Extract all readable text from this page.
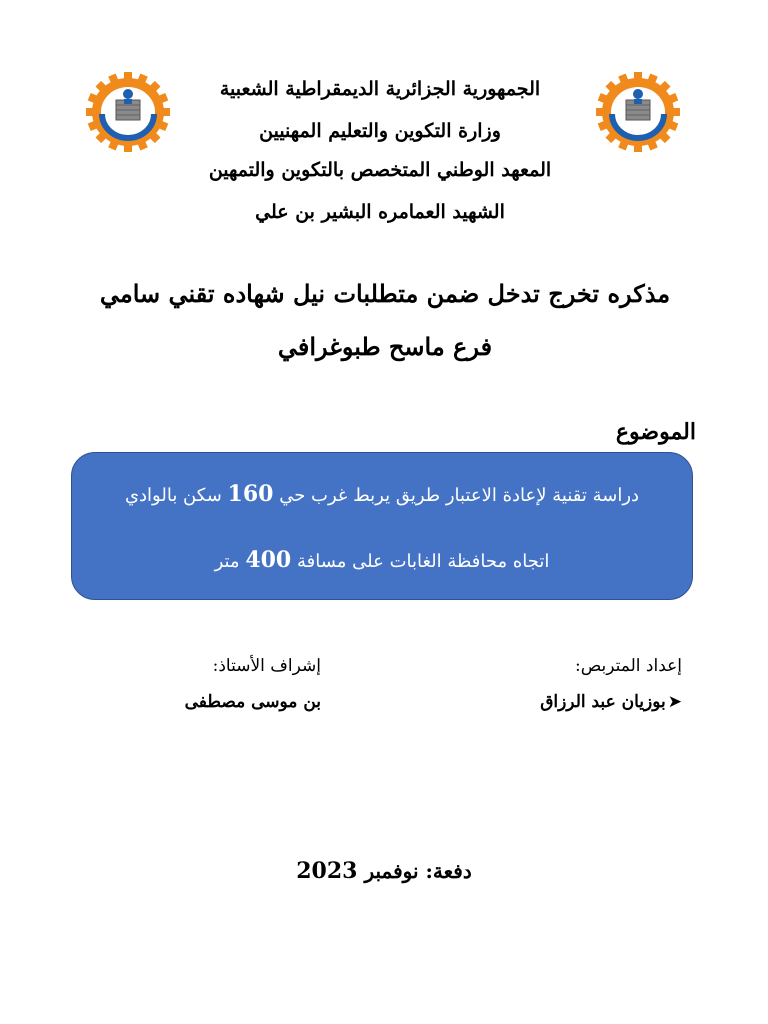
الجمهورية الجزائرية الديمقراطية الشعبية
وزارة التكوين والتعليم المهنيين
المعهد الوطني المتخصص بالتكوين والتمهين
الشهيد العمامره البشير بن علي
مذكره تخرج تدخل ضمن متطلبات نيل شهاده تقني سامي
فرع ماسح طبوغرافي
الموضوع
دراسة تقنية لإعادة الاعتبار طريق يربط غرب حي 160 سكن بالوادي
اتجاه محافظة الغابات على مسافة 400 متر
إعداد المتربص:
إشراف الأستاذ:
➤بوزيان عبد الرزاق
بن موسى مصطفى
دفعة: نوفمبر 2023
